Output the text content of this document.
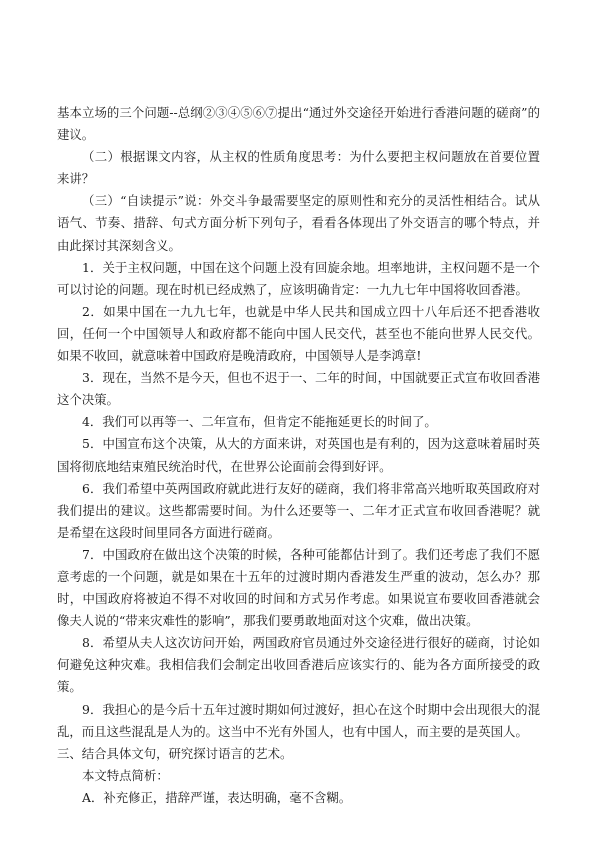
基本立场的三个问题--总纲②③④⑤⑥⑦提出“通过外交途径开始进行香港问题的磋商”的建议。

（二）根据课文内容，从主权的性质角度思考：为什么要把主权问题放在首要位置来讲？

（三）“自读提示”说：外交斗争最需要坚定的原则性和充分的灵活性相结合。试从语气、节奏、措辞、句式方面分析下列句子，看看各体现出了外交语言的哪个特点，并由此探讨其深刻含义。

1．关于主权问题，中国在这个问题上没有回旋余地。坦率地讲，主权问题不是一个可以讨论的问题。现在时机已经成熟了，应该明确肯定：一九九七年中国将收回香港。

2．如果中国在一九九七年，也就是中华人民共和国成立四十八年后还不把香港收回，任何一个中国领导人和政府都不能向中国人民交代，甚至也不能向世界人民交代。如果不收回，就意味着中国政府是晚清政府，中国领导人是李鸿章!

3．现在，当然不是今天，但也不迟于一、二年的时间，中国就要正式宣布收回香港这个决策。

4．我们可以再等一、二年宣布，但肯定不能拖延更长的时间了。

5．中国宣布这个决策，从大的方面来讲，对英国也是有利的，因为这意味着届时英国将彻底地结束殖民统治时代，在世界公论面前会得到好评。

6．我们希望中英两国政府就此进行友好的磋商，我们将非常高兴地听取英国政府对我们提出的建议。这些都需要时间。为什么还要等一、二年才正式宣布收回香港呢？就是希望在这段时间里同各方面进行磋商。

7．中国政府在做出这个决策的时候，各种可能都估计到了。我们还考虑了我们不愿意考虑的一个问题，就是如果在十五年的过渡时期内香港发生严重的波动，怎么办？那时，中国政府将被迫不得不对收回的时间和方式另作考虑。如果说宣布要收回香港就会像夫人说的“带来灾难性的影响”，那我们要勇敢地面对这个灾难，做出决策。

8．希望从夫人这次访问开始，两国政府官员通过外交途径进行很好的磋商，讨论如何避免这种灾难。我相信我们会制定出收回香港后应该实行的、能为各方面所接受的政策。

9．我担心的是今后十五年过渡时期如何过渡好，担心在这个时期中会出现很大的混乱，而且这些混乱是人为的。这当中不光有外国人，也有中国人，而主要的是英国人。

三、结合具体文句，研究探讨语言的艺术。

本文特点简析：

A．补充修正，措辞严谨，表达明确，毫不含糊。
